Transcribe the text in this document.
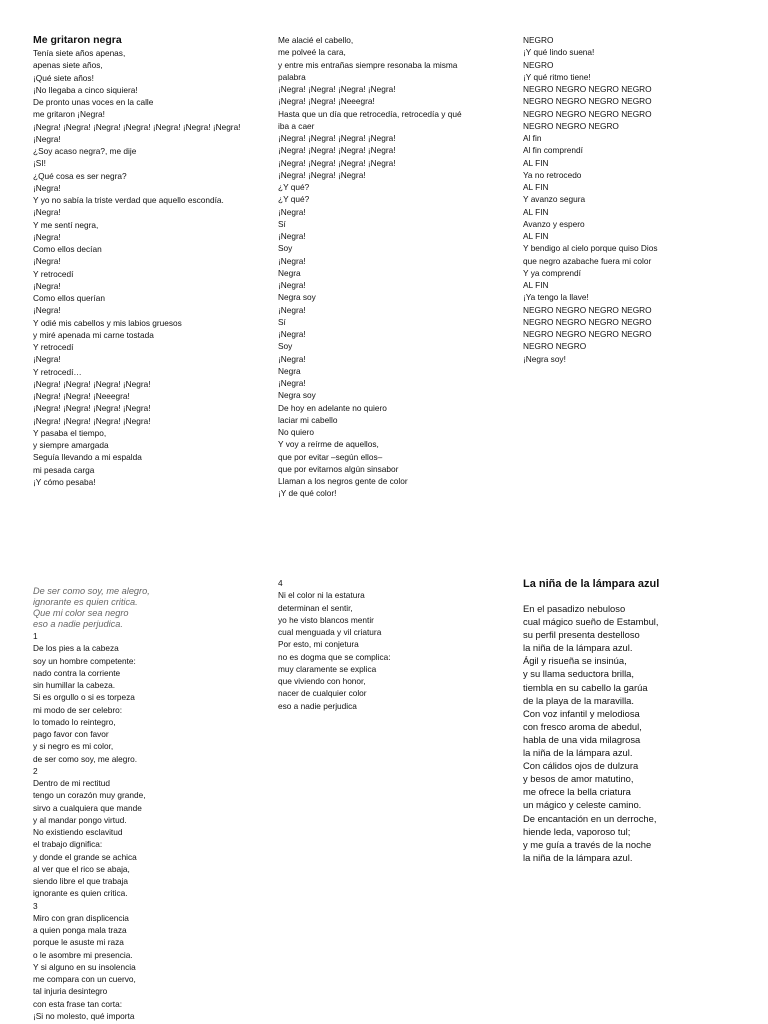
Me gritaron negra
Tenía siete años apenas,
apenas siete años,
¡Qué siete años!
¡No llegaba a cinco siquiera!
De pronto unas voces en la calle
me gritaron ¡Negra!
¡Negra! ¡Negra! ¡Negra! ¡Negra! ¡Negra! ¡Negra! ¡Negra!
¡Negra!
¿Soy acaso negra?, me dije
¡SI!
¿Qué cosa es ser negra?
¡Negra!
Y yo no sabía la triste verdad que aquello escondía.
¡Negra!
Y me sentí negra,
¡Negra!
Como ellos decían
¡Negra!
Y retrocedí
¡Negra!
Como ellos querían
¡Negra!
Y odié mis cabellos y mis labios gruesos
y miré apenada mi carne tostada
Y retrocedí
¡Negra!
Y retrocedí…
¡Negra! ¡Negra! ¡Negra! ¡Negra!
¡Negra! ¡Negra! ¡Neeegra!
¡Negra! ¡Negra! ¡Negra! ¡Negra!
¡Negra! ¡Negra! ¡Negra! ¡Negra!
Y pasaba el tiempo,
y siempre amargada
Seguía llevando a mi espalda
mi pesada carga
¡Y cómo pesaba!
Me alacié el cabello,
me polveé la cara,
y entre mis entrañas siempre resonaba la misma
palabra
¡Negra! ¡Negra! ¡Negra! ¡Negra!
¡Negra! ¡Negra! ¡Neeegra!
Hasta que un día que retrocedía, retrocedía y qué
iba a caer
¡Negra! ¡Negra! ¡Negra! ¡Negra!
¡Negra! ¡Negra! ¡Negra! ¡Negra!
¡Negra! ¡Negra! ¡Negra! ¡Negra!
¡Negra! ¡Negra! ¡Negra!
¿Y qué?
¿Y qué?
¡Negra!
Sí
¡Negra!
Soy
¡Negra!
Negra
¡Negra!
Negra soy
¡Negra!
Sí
¡Negra!
Soy
¡Negra!
Negra
¡Negra!
Negra soy
De hoy en adelante no quiero
laciar mi cabello
No quiero
Y voy a reírme de aquellos,
que por evitar –según ellos–
que por evitarnos algún sinsabor
Llaman a los negros gente de color
¡Y de qué color!
NEGRO
¡Y qué lindo suena!
NEGRO
¡Y qué ritmo tiene!
NEGRO NEGRO NEGRO NEGRO
NEGRO NEGRO NEGRO NEGRO
NEGRO NEGRO NEGRO NEGRO
NEGRO NEGRO NEGRO
Al fin
Al fin comprendí
AL FIN
Ya no retrocedo
AL FIN
Y avanzo segura
AL FIN
Avanzo y espero
AL FIN
Y bendigo al cielo porque quiso Dios
que negro azabache fuera mi color
Y ya comprendí
AL FIN
¡Ya tengo la llave!
NEGRO NEGRO NEGRO NEGRO
NEGRO NEGRO NEGRO NEGRO
NEGRO NEGRO NEGRO NEGRO
NEGRO NEGRO
¡Negra soy!
De ser como soy, me alegro,
ignorante es quien critica.
Que mi color sea negro
eso a nadie perjudica.
1
De los pies a la cabeza
soy un hombre competente:
nado contra la corriente
sin humillar la cabeza.
Si es orgullo o si es torpeza
mi modo de ser celebro:
lo tomado lo reintegro,
pago favor con favor
y si negro es mi color,
de ser como soy, me alegro.
2
Dentro de mi rectitud
tengo un corazón muy grande,
sirvo a cualquiera que mande
y al mandar pongo virtud.
No existiendo esclavitud
el trabajo dignifica:
y donde el grande se achica
al ver que el rico se abaja,
siendo libre el que trabaja
ignorante es quien critica.
3
Miro con gran displicencia
a quien ponga mala traza
porque le asuste mi raza
o le asombre mi presencia.
Y si alguno en su insolencia
me compara con un cuervo,
tal injuria desintegro
con esta frase tan corta:
¡Si no molesto, qué importa
4
Ni el color ni la estatura
determinan el sentir,
yo he visto blancos mentir
cual menguada y vil criatura
Por esto, mi conjetura
no es dogma que se complica:
muy claramente se explica
que viviendo con honor,
nacer de cualquier color
eso a nadie perjudica
La niña de la lámpara azul
En el pasadizo nebuloso
cual mágico sueño de Estambul,
su perfil presenta destelloso
la niña de la lámpara azul.
Ágil y risueña se insinúa,
y su llama seductora brilla,
tiembla en su cabello la garúa
de la playa de la maravilla.
Con voz infantil y melodiosa
con fresco aroma de abedul,
habla de una vida milagrosa
la niña de la lámpara azul.
Con cálidos ojos de dulzura
y besos de amor matutino,
me ofrece la bella criatura
un mágico y celeste camino.
De encantación en un derroche,
hiende leda, vaporoso tul;
y me guía a través de la noche
la niña de la lámpara azul.
